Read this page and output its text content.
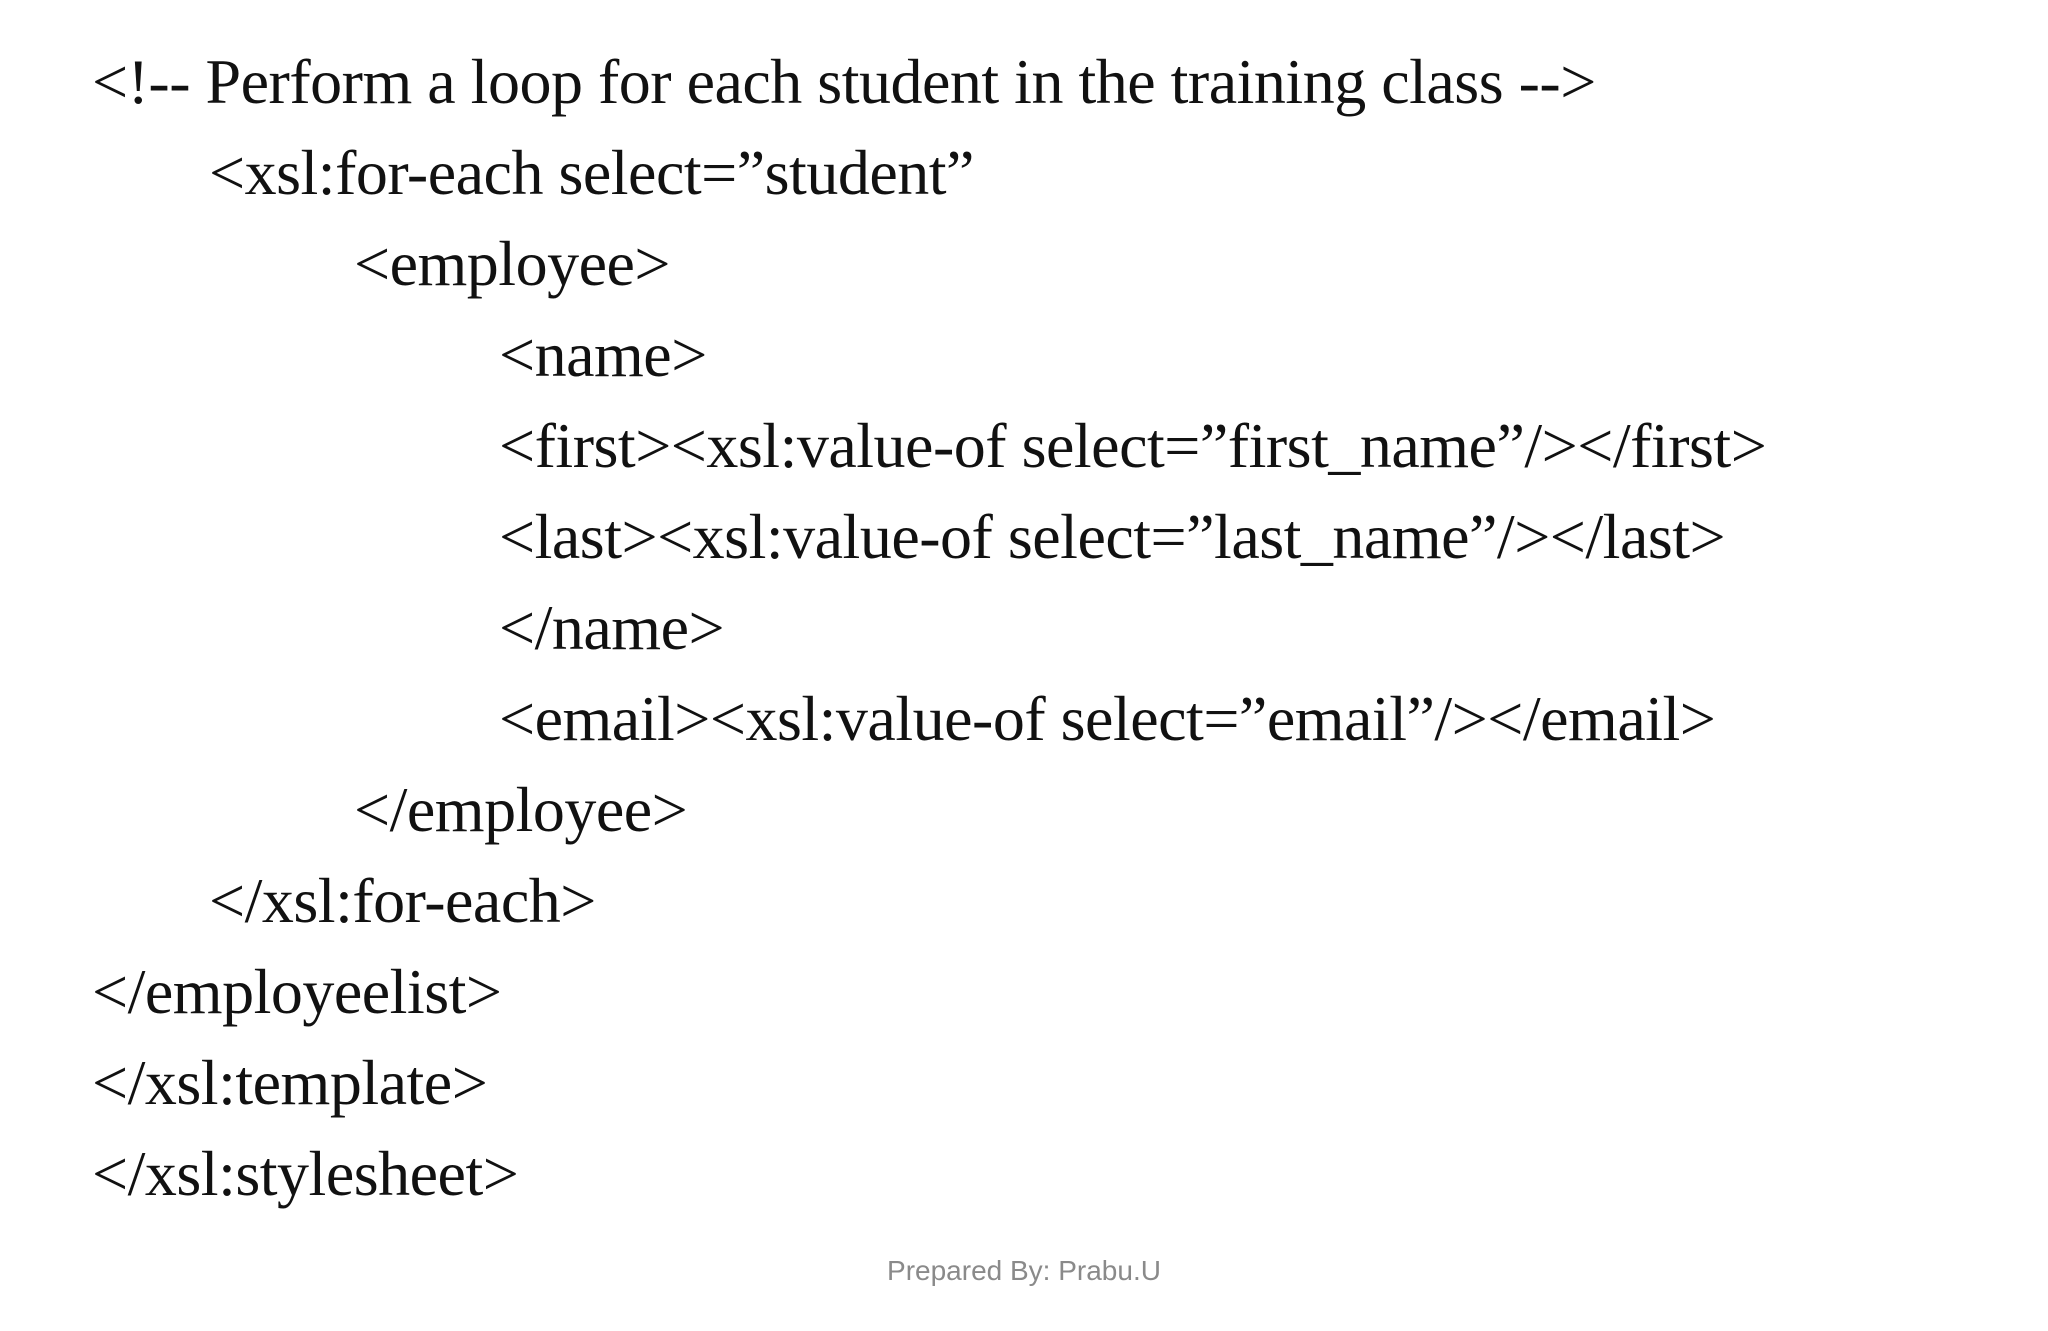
<!-- Perform a loop for each student in the training class -->
<xsl:for-each select=”student”
<employee>
<name>
<first><xsl:value-of select=”first_name”/></first>
<last><xsl:value-of select=”last_name”/></last>
</name>
<email><xsl:value-of select=”email”/></email>
</employee>
</xsl:for-each>
</employeelist>
</xsl:template>
</xsl:stylesheet>
Prepared By: Prabu.U
